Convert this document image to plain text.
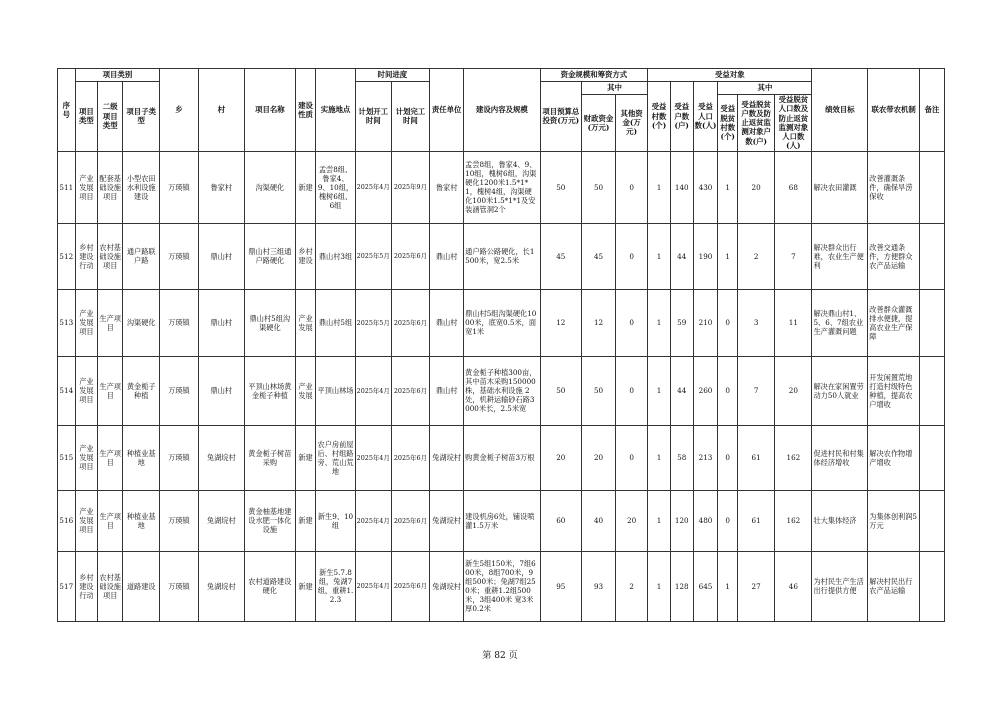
序号	项目类别			乡	村	项目名称	建设性质	实施地点	时间进度		责任单位	建设内容及规模	资金规模和筹资方式			受益对象						绩效目标	联农带农机制	备注
	项目类型	二级项目类型	项目子类型						计划开工时间	计划完工时间			项目预算总投资(万元)	其中		受益村数(个)	受益户数(户)	受益人口数(人)	其中					
														财政资金(万元)	其他资金(万元)				受益脱贫村数(个)	受益脱贫户数及防止返贫监测对象户数(户)	受益脱贫人口数及防止返贫监测对象人口数(人)			
511	产业发展项目	配套基础设施项目	小型农田水利设施建设	万瑛镇	鲁家村	沟渠硬化	新建	孟尝8组、鲁家4、9、10组，槐树6组、6组	2025年4月	2025年9月	鲁家村	孟尝8组，鲁家4、9、10组，槐树6组，沟渠硬化1200米1.5*1*1，槐树4组，沟渠硬化100米1.5*1*1及安装涵管洞2个	50	50	0	1	140	430	1	20	68	解决农田灌溉	改善灌溉条件，确保旱涝保收	
512	乡村建设行动	农村基础设施项目	通户路联户路	万瑛镇	鼎山村	鼎山村三组通户路硬化	乡村建设	鼎山村3组	2025年5月	2025年6月	鼎山村	通户路公路硬化，长1500米，宽2.5米	45	45	0	1	44	190	1	2	7	解决群众出行难，农业生产便利	改善交通条件，方便群众农产品运输	
513	产业发展项目	生产项目	沟渠硬化	万瑛镇	鼎山村	鼎山村5组沟渠硬化	产业发展	鼎山村5组	2025年5月	2025年6月	鼎山村	鼎山村5组沟渠硬化1000米，底宽0.5米，面宽1米	12	12	0	1	59	210	0	3	11	解决鼎山村1、5、6、7组农业生产灌溉问题	改善群众灌溉排水便捷，提高农业生产保障	
514	产业发展项目	生产项目	黄金栀子种植	万瑛镇	鼎山村	平顶山林场黄金栀子种植	产业发展	平顶山林场	2025年4月	2025年6月	鼎山村	黄金栀子种植300亩，其中苗木采购150000株，基础水利设施 2处，机耕运输砂石路3000米长，2.5米宽	50	50	0	1	44	260	0	7	20	解决在家闲置劳动力50人就业	开发闲置荒地打造村级特色种植，提高农户增收	
515	产业发展项目	生产项目	种植业基地	万瑛镇	兔湖垸村	黄金栀子树苗采购	新建	农户房前屋后、村组路旁、荒山荒地	2025年4月	2025年6月	兔湖垸村	购黄金栀子树苗3万根	20	20	0	1	58	213	0	61	162	促进村民和村集体经济增收	解决农作物增产增收	
516	产业发展项目	生产项目	种植业基地	万瑛镇	兔湖垸村	黄金柚基地建设水肥一体化设施	新建	新生9、10组	2025年4月	2025年6月	兔湖垸村	建设机房6处，铺设喷灌1.5万米	60	40	20	1	120	480	0	61	162	壮大集体经济	为集体创利润5万元	
517	乡村建设行动	农村基础设施项目	道路建设	万瑛镇	兔湖垸村	农村道路建设硬化	新建	新生5.7.8组，兔湖7组，重耕1.2.3	2025年4月	2025年6月	兔湖垸村	新生5组150米，7组600米，8组700米，9组500米；兔湖7组250米；重耕1.2组500米，3组400米 宽3米 厚0.2米	95	93	2	1	128	645	1	27	46	为村民生产生活出行提供方便	解决村民出行农产品运输	
第 82 页
